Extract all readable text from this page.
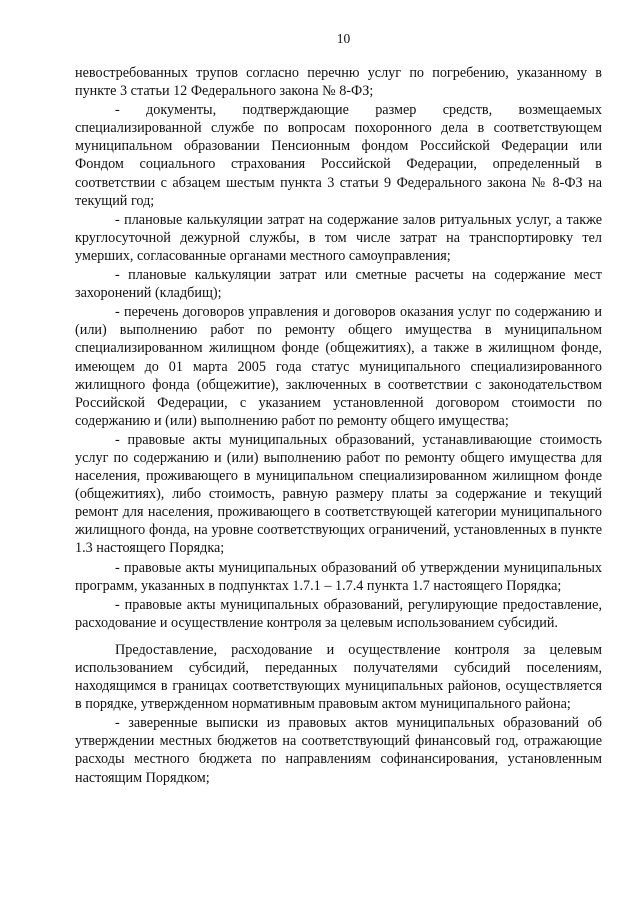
10

невостребованных трупов согласно перечню услуг по погребению, указанному в пункте 3 статьи 12 Федерального закона № 8-ФЗ;

- документы, подтверждающие размер средств, возмещаемых специализированной службе по вопросам похоронного дела в соответствующем муниципальном образовании Пенсионным фондом Российской Федерации или Фондом социального страхования Российской Федерации, определенный в соответствии с абзацем шестым пункта 3 статьи 9 Федерального закона № 8-ФЗ на текущий год;

- плановые калькуляции затрат на содержание залов ритуальных услуг, а также круглосуточной дежурной службы, в том числе затрат на транспортировку тел умерших, согласованные органами местного самоуправления;

- плановые калькуляции затрат или сметные расчеты на содержание мест захоронений (кладбищ);

- перечень договоров управления и договоров оказания услуг по содержанию и (или) выполнению работ по ремонту общего имущества в муниципальном специализированном жилищном фонде (общежитиях), а также в жилищном фонде, имеющем до 01 марта 2005 года статус муниципального специализированного жилищного фонда (общежитие), заключенных в соответствии с законодательством Российской Федерации, с указанием установленной договором стоимости по содержанию и (или) выполнению работ по ремонту общего имущества;

- правовые акты муниципальных образований, устанавливающие стоимость услуг по содержанию и (или) выполнению работ по ремонту общего имущества для населения, проживающего в муниципальном специализированном жилищном фонде (общежитиях), либо стоимость, равную размеру платы за содержание и текущий ремонт для населения, проживающего в соответствующей категории муниципального жилищного фонда, на уровне соответствующих ограничений, установленных в пункте 1.3 настоящего Порядка;

- правовые акты муниципальных образований об утверждении муниципальных программ, указанных в подпунктах 1.7.1 – 1.7.4 пункта 1.7 настоящего Порядка;

- правовые акты муниципальных образований, регулирующие предоставление, расходование и осуществление контроля за целевым использованием субсидий.

Предоставление, расходование и осуществление контроля за целевым использованием субсидий, переданных получателями субсидий поселениям, находящимся в границах соответствующих муниципальных районов, осуществляется в порядке, утвержденном нормативным правовым актом муниципального района;

- заверенные выписки из правовых актов муниципальных образований об утверждении местных бюджетов на соответствующий финансовый год, отражающие расходы местного бюджета по направлениям софинансирования, установленным настоящим Порядком;
